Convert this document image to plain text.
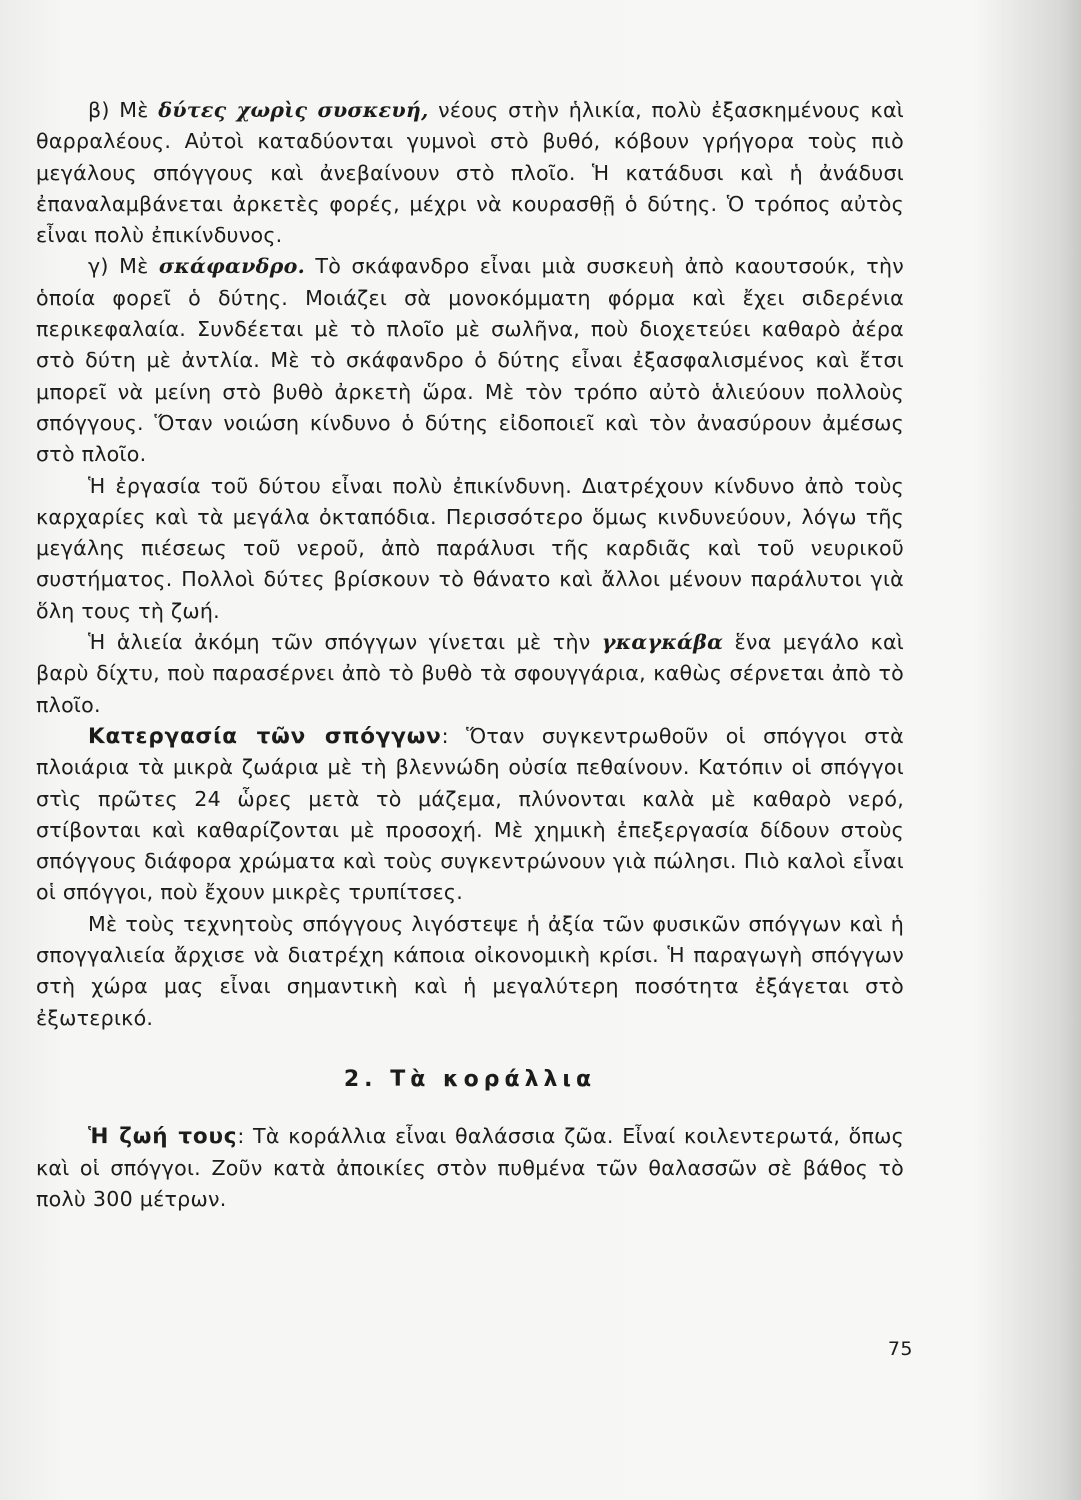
β) Μὲ δύτες χωρὶς συσκευή, νέους στὴν ἡλικία, πολὺ ἐξασκημένους καὶ θαρραλέους. Αὐτοὶ καταδύονται γυμνοὶ στὸ βυθό, κόβουν γρήγορα τοὺς πιὸ μεγάλους σπόγγους καὶ ἀνεβαίνουν στὸ πλοῖο. Ἡ κατάδυσι καὶ ἡ ἀνάδυσι ἐπαναλαμβάνεται ἀρκετὲς φορές, μέχρι νὰ κουρασθῇ ὁ δύτης. Ὁ τρόπος αὐτὸς εἶναι πολὺ ἐπικίνδυνος.

γ) Μὲ σκάφανδρο. Τὸ σκάφανδρο εἶναι μιὰ συσκευὴ ἀπὸ καουτσούκ, τὴν ὁποία φορεῖ ὁ δύτης. Μοιάζει σὰ μονοκόμματη φόρμα καὶ ἔχει σιδερένια περικεφαλαία. Συνδέεται μὲ τὸ πλοῖο μὲ σωλῆνα, ποὺ διοχετεύει καθαρὸ ἀέρα στὸ δύτη μὲ ἀντλία. Μὲ τὸ σκάφανδρο ὁ δύτης εἶναι ἐξασφαλισμένος καὶ ἔτσι μπορεῖ νὰ μείνη στὸ βυθὸ ἀρκετὴ ὥρα. Μὲ τὸν τρόπο αὐτὸ ἁλιεύουν πολλοὺς σπόγγους. Ὅταν νοιώση κίνδυνο ὁ δύτης εἰδοποιεῖ καὶ τὸν ἀνασύρουν ἀμέσως στὸ πλοῖο.

Ἡ ἐργασία τοῦ δύτου εἶναι πολὺ ἐπικίνδυνη. Διατρέχουν κίνδυνο ἀπὸ τοὺς καρχαρίες καὶ τὰ μεγάλα ὀκταπόδια. Περισσότερο ὅμως κινδυνεύουν, λόγω τῆς μεγάλης πιέσεως τοῦ νεροῦ, ἀπὸ παράλυσι τῆς καρδιᾶς καὶ τοῦ νευρικοῦ συστήματος. Πολλοὶ δύτες βρίσκουν τὸ θάνατο καὶ ἄλλοι μένουν παράλυτοι γιὰ ὅλη τους τὴ ζωή.

Ἡ ἁλιεία ἀκόμη τῶν σπόγγων γίνεται μὲ τὴν γκαγκάβα ἕνα μεγάλο καὶ βαρὺ δίχτυ, ποὺ παρασέρνει ἀπὸ τὸ βυθὸ τὰ σφουγγάρια, καθὼς σέρνεται ἀπὸ τὸ πλοῖο.

Κατεργασία τῶν σπόγγων: Ὅταν συγκεντρωθοῦν οἱ σπόγγοι στὰ πλοιάρια τὰ μικρὰ ζωάρια μὲ τὴ βλεννώδη οὐσία πεθαίνουν. Κατόπιν οἱ σπόγγοι στὶς πρῶτες 24 ὧρες μετὰ τὸ μάζεμα, πλύνονται καλὰ μὲ καθαρὸ νερό, στίβονται καὶ καθαρίζονται μὲ προσοχή. Μὲ χημικὴ ἐπεξεργασία δίδουν στοὺς σπόγγους διάφορα χρώματα καὶ τοὺς συγκεντρώνουν γιὰ πώλησι. Πιὸ καλοὶ εἶναι οἱ σπόγγοι, ποὺ ἔχουν μικρὲς τρυπίτσες.

Μὲ τοὺς τεχνητοὺς σπόγγους λιγόστεψε ἡ ἀξία τῶν φυσικῶν σπόγγων καὶ ἡ σπογγαλιεία ἄρχισε νὰ διατρέχη κάποια οἰκονομικὴ κρίσι. Ἡ παραγωγὴ σπόγγων στὴ χώρα μας εἶναι σημαντικὴ καὶ ἡ μεγαλύτερη ποσότητα ἐξάγεται στὸ ἐξωτερικό.

2. Τὰ κοράλλια

Ἡ ζωή τους: Τὰ κοράλλια εἶναι θαλάσσια ζῶα. Εἶναί κοιλεντερωτά, ὅπως καὶ οἱ σπόγγοι. Ζοῦν κατὰ ἀποικίες στὸν πυθμένα τῶν θαλασσῶν σὲ βάθος τὸ πολὺ 300 μέτρων.

75
